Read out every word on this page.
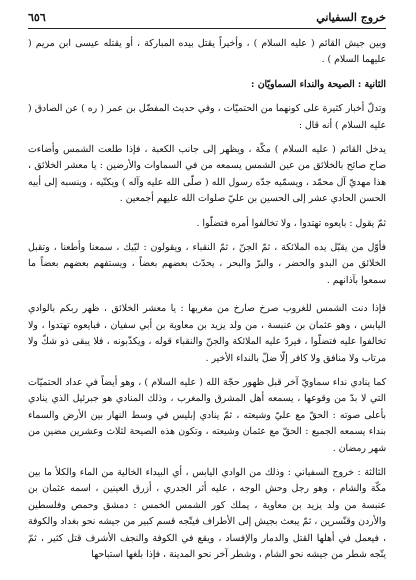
خروج السفياني
٦٥٦

وبين جيش القائم ( عليه السلام ) ، وأخيراً يقتل بيده المباركة ، أو يقتله عيسى ابن مريم ( عليهما السلام ) .

الثانية : الصيحة والنداء السماويّان :

وتدلّ أخبار كثيرة على كونهما من الحتميّات ، وفي حديث المفضّل بن عمر ( ره ) عن الصادق ( عليه السلام ) أنه قال :

يدخل القائم ( عليه السلام ) مكّة ، ويظهر إلى جانب الكعبة ، فإذا طلعت الشمس وأضاءت صاح صائح بالخلائق من عين الشمس يسمعه من في السماوات والأرضين : يا معشر الخلائق ، هذا مهديّ آل محمّد ، ويسمّيه جدّه رسول الله ( صلّى الله عليه وآله ) ويكنّيه ، وينسبه إلى أبيه الحسن الحادي عشر إلى الحسين بن عليّ صلوات الله عليهم أجمعين .

ثمّ يقول : بايعوه تهتدوا ، ولا تخالفوا أمره فتضلّوا .

فأوّل من يقبّل يده الملائكة ، ثمّ الجنّ ، ثمّ النقباء ، ويقولون : لبّيك ، سمعنا وأطعنا ، وتقبل الخلائق من البدو والحضر ، والبرّ والبحر ، يحدّث بعضهم بعضاً ، ويستفهم بعضهم بعضاً ما سمعوا بآذانهم .

فإذا دنت الشمس للغروب صرخ صارخ من مغربها : يا معشر الخلائق ، ظهر ربكم بالوادي اليابس ، وهو عثمان بن عنبسة ، من ولد يزيد بن معاوية بن أبي سفيان ، فبايعوه تهتدوا ، ولا تخالفوا عليه فتضلّوا ، فيردّ عليه الملائكة والجنّ والنقباء قوله ، ويكذّبونه ، فلا يبقى ذو شكّ ولا مرتاب ولا منافق ولا كافر إلّا ضلّ بالنداء الأخير .

كما ينادي نداء سماويّ آخر قبل ظهور حجّة الله ( عليه السلام ) ، وهو أيضاً في عداد الحتميّات التي لا بدّ من وقوعها ، يسمعه أهل المشرق والمغرب ، وذلك المنادي هو جبرئيل الذي ينادي بأعلى صوته : الحقّ مع عليّ وشيعته ، ثمّ ينادي إبليس في وسط النهار بين الأرض والسماء بنداء يسمعه الجميع : الحقّ مع عثمان وشيعته ، وتكون هذه الصيحة لثلاث وعشرين مضين من شهر رمضان .

الثالثة : خروج السفياني : وذلك من الوادي اليابس ، أي البيداء الخالية من الماء والكلأ ما بين مكّة والشام ، وهو رجل وحش الوجه ، عليه أثر الجدري ، أزرق العينين ، اسمه عثمان بن عنبسة من ولد يزيد بن معاوية ، يملك كور الشمس الخمس : دمشق وحمص وفلسطين والأردن وقنّسرين ، ثمّ يبعث بجيش إلى الأطراف فيتّجه قسم كبير من جيشه نحو بغداد والكوفة ، فيعمل في أهلها القتل والدمار والإفساد ، ويقع في الكوفة والنجف الأشرف قتل كثير ، ثمّ يتّجه شطر من جيشه نحو الشام ، وشطر آخر نحو المدينة ، فإذا بلغها استباحها
